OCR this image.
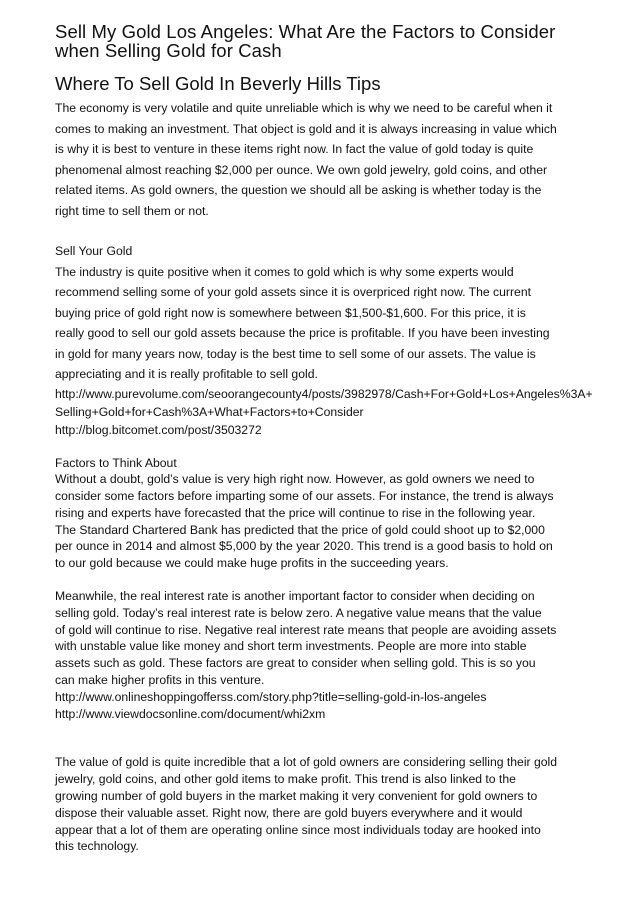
Sell My Gold Los Angeles: What Are the Factors to Consider
when Selling Gold for Cash
Where To Sell Gold In Beverly Hills Tips

The economy is very volatile and quite unreliable which is why we need to be careful when it
comes to making an investment. That object is gold and it is always increasing in value which
is why it is best to venture in these items right now. In fact the value of gold today is quite
phenomenal almost reaching $2,000 per ounce. We own gold jewelry, gold coins, and other
related items. As gold owners, the question we should all be asking is whether today is the
right time to sell them or not.

Sell Your Gold

The industry is quite positive when it comes to gold which is why some experts would
recommend selling some of your gold assets since it is overpriced right now. The current
buying price of gold right now is somewhere between $1,500-$1,600. For this price, it is
really good to sell our gold assets because the price is profitable. If you have been investing
in gold for many years now, today is the best time to sell some of our assets. The value is
appreciating and it is really profitable to sell gold.

http://www.purevolume.com/seoorangecounty4/posts/3982978/Cash+For+Gold+Los+Angeles%3A+Selling+Gold+for+Cash%3A+What+Factors+to+Consider
http://blog.bitcomet.com/post/3503272

Factors to Think About

Without a doubt, gold’s value is very high right now. However, as gold owners we need to
consider some factors before imparting some of our assets. For instance, the trend is always
rising and experts have forecasted that the price will continue to rise in the following year.
The Standard Chartered Bank has predicted that the price of gold could shoot up to $2,000
per ounce in 2014 and almost $5,000 by the year 2020. This trend is a good basis to hold on
to our gold because we could make huge profits in the succeeding years.

Meanwhile, the real interest rate is another important factor to consider when deciding on
selling gold. Today’s real interest rate is below zero. A negative value means that the value
of gold will continue to rise. Negative real interest rate means that people are avoiding assets
with unstable value like money and short term investments. People are more into stable
assets such as gold. These factors are great to consider when selling gold. This is so you
can make higher profits in this venture.

http://www.onlineshoppingofferss.com/story.php?title=selling-gold-in-los-angeles
http://www.viewdocsonline.com/document/whi2xm

The value of gold is quite incredible that a lot of gold owners are considering selling their gold
jewelry, gold coins, and other gold items to make profit. This trend is also linked to the
growing number of gold buyers in the market making it very convenient for gold owners to
dispose their valuable asset. Right now, there are gold buyers everywhere and it would
appear that a lot of them are operating online since most individuals today are hooked into
this technology.
